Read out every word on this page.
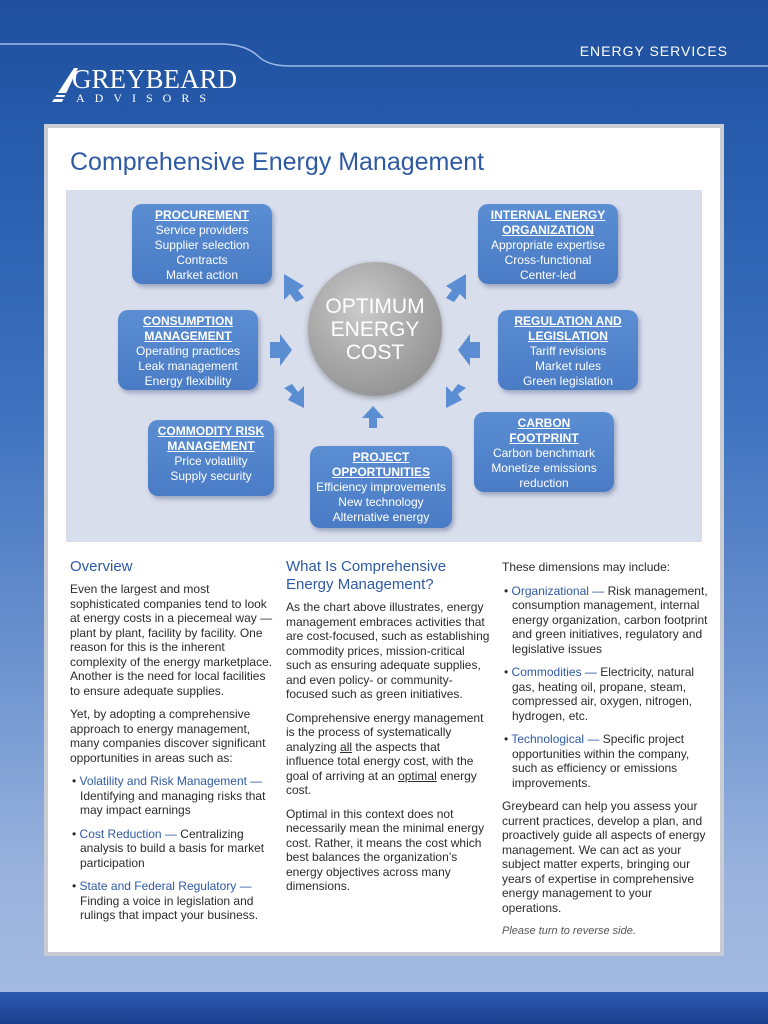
ENERGY SERVICES
GREYBEARD
ADVISORS
Comprehensive Energy Management
OPTIMUM
ENERGY
COST
PROCUREMENT
Service providers
Supplier selection
Contracts
Market action
INTERNAL ENERGY
ORGANIZATION
Appropriate expertise
Cross-functional
Center-led
CONSUMPTION
MANAGEMENT
Operating practices
Leak management
Energy flexibility
REGULATION AND
LEGISLATION
Tariff revisions
Market rules
Green legislation
COMMODITY RISK
MANAGEMENT
Price volatility
Supply security
CARBON
FOOTPRINT
Carbon benchmark
Monetize emissions
reduction
PROJECT
OPPORTUNITIES
Efficiency improvements
New technology
Alternative energy
Overview

Even the largest and most sophisticated companies tend to look at energy costs in a piecemeal way — plant by plant, facility by facility. One reason for this is the inherent complexity of the energy marketplace. Another is the need for local facilities to ensure adequate supplies.

Yet, by adopting a comprehensive approach to energy management, many companies discover significant opportunities in areas such as:

• Volatility and Risk Management — Identifying and managing risks that may impact earnings
• Cost Reduction — Centralizing analysis to build a basis for market participation
• State and Federal Regulatory — Finding a voice in legislation and rulings that impact your business.
What Is Comprehensive Energy Management?

As the chart above illustrates, energy management embraces activities that are cost-focused, such as establishing commodity prices, mission-critical such as ensuring adequate supplies, and even policy- or community-focused such as green initiatives.

Comprehensive energy management is the process of systematically analyzing all the aspects that influence total energy cost, with the goal of arriving at an optimal energy cost.

Optimal in this context does not necessarily mean the minimal energy cost. Rather, it means the cost which best balances the organization’s energy objectives across many dimensions.

These dimensions may include:

• Organizational — Risk management, consumption management, internal energy organization, carbon footprint and green initiatives, regulatory and legislative issues
• Commodities — Electricity, natural gas, heating oil, propane, steam, compressed air, oxygen, nitrogen, hydrogen, etc.
• Technological — Specific project opportunities within the company, such as efficiency or emissions improvements.

Greybeard can help you assess your current practices, develop a plan, and proactively guide all aspects of energy management. We can act as your subject matter experts, bringing our years of expertise in comprehensive energy management to your operations.

Please turn to reverse side.
